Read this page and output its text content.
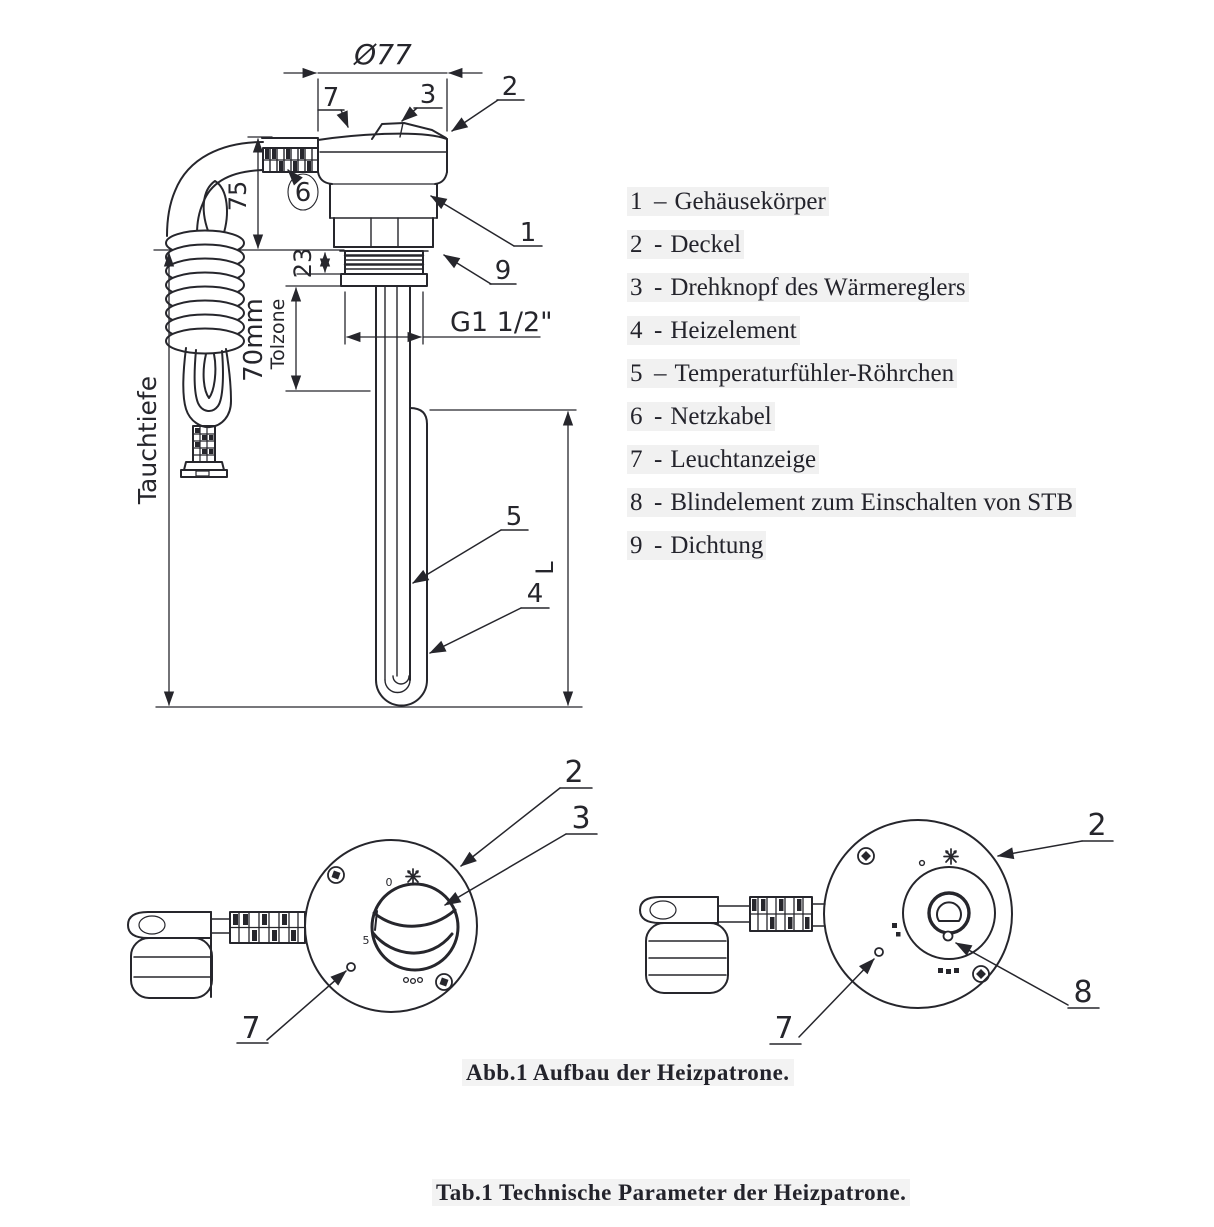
Ø77
75
23
70mm
Tolzone
Tauchtiefe
L
G1 1/2"
7	3	2
6
1
9
5
4
0
5
2
3
7
2
8
7
1 – Gehäusekörper
2 - Deckel
3 - Drehknopf des Wärmereglers
4 - Heizelement
5 – Temperaturfühler-Röhrchen
6 - Netzkabel
7 - Leuchtanzeige
8 - Blindelement zum Einschalten von STB
9 - Dichtung
Abb.1 Aufbau der Heizpatrone.
Tab.1 Technische Parameter der Heizpatrone.
